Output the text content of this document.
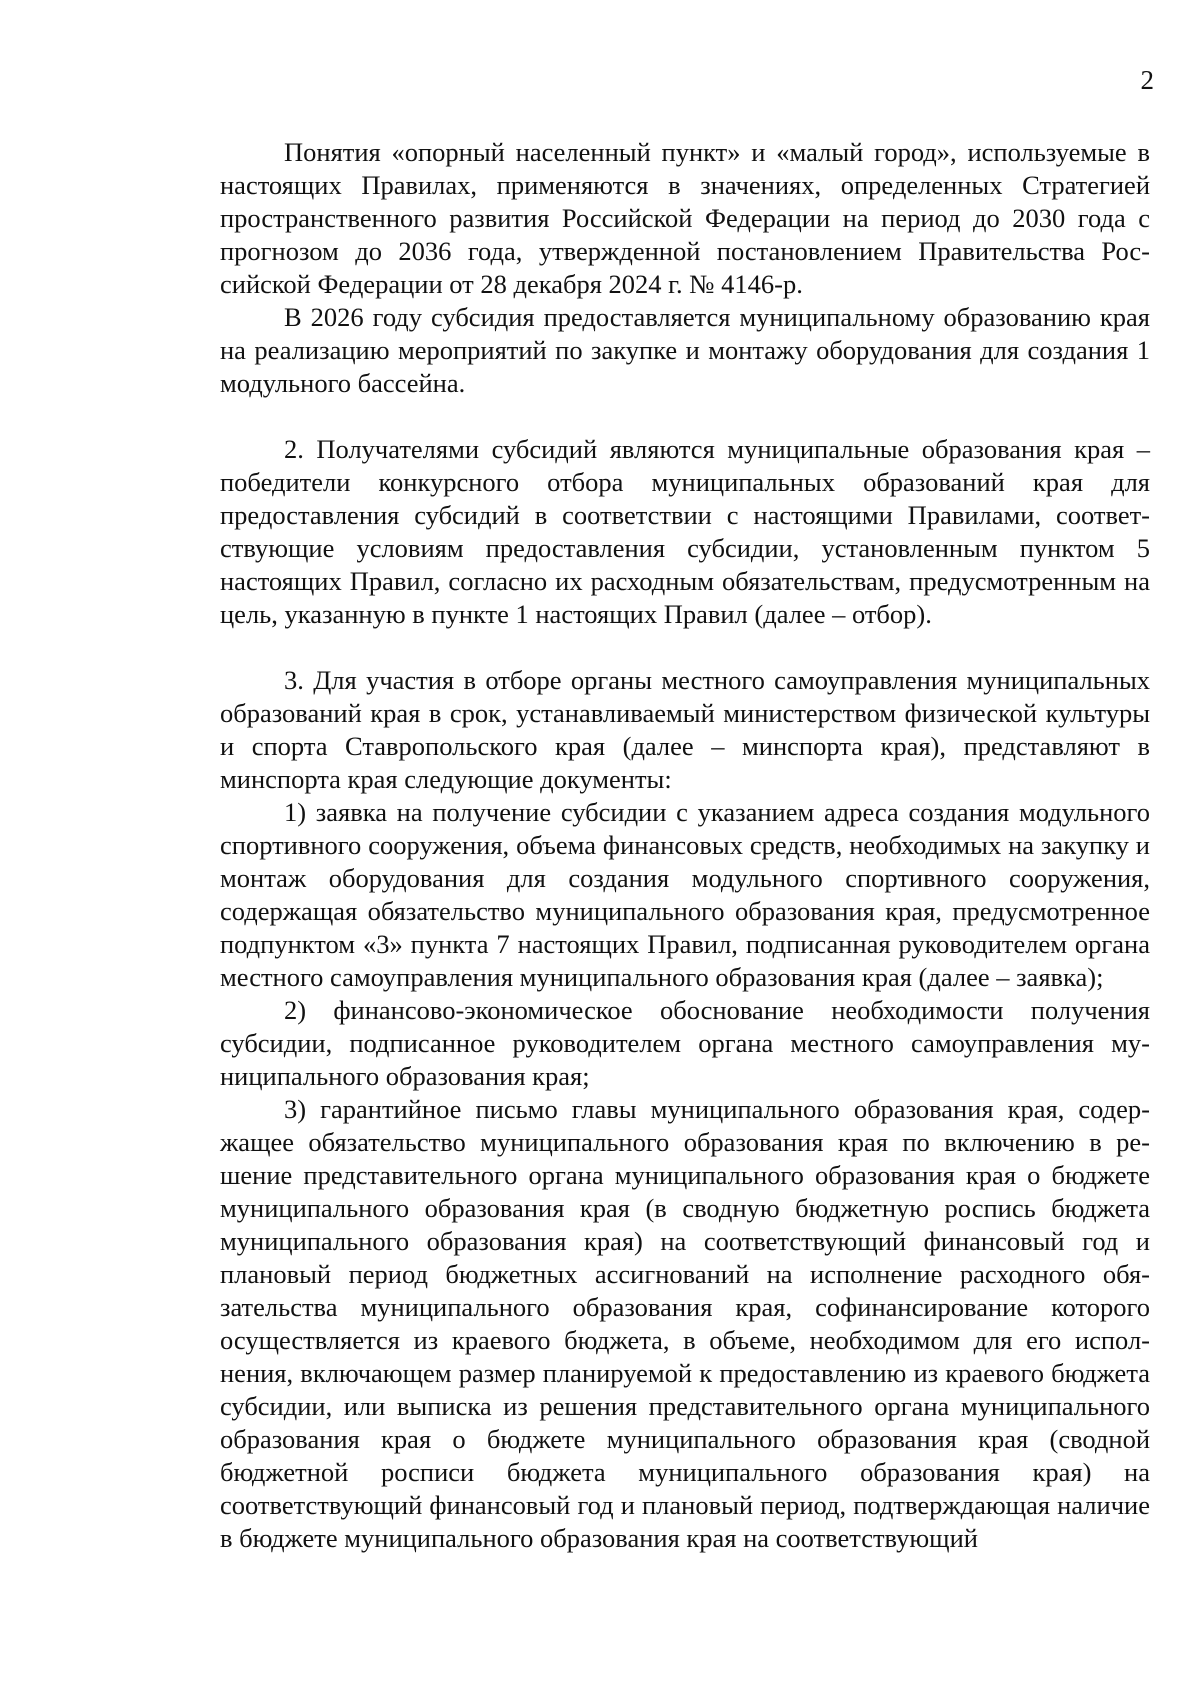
2

Понятия «опорный населенный пункт» и «малый город», используемые в настоящих Правилах, применяются в значениях, определенных Стратегией пространственного развития Российской Федерации на период до 2030 года с прогнозом до 2036 года, утвержденной постановлением Правительства Российской Федерации от 28 декабря 2024 г. № 4146-р.

В 2026 году субсидия предоставляется муниципальному образованию края на реализацию мероприятий по закупке и монтажу оборудования для создания 1 модульного бассейна.

2. Получателями субсидий являются муниципальные образования края – победители конкурсного отбора муниципальных образований края для предоставления субсидий в соответствии с настоящими Правилами, соответствующие условиям предоставления субсидии, установленным пунктом 5 настоящих Правил, согласно их расходным обязательствам, предусмотренным на цель, указанную в пункте 1 настоящих Правил (далее – отбор).

3. Для участия в отборе органы местного самоуправления муниципальных образований края в срок, устанавливаемый министерством физической культуры и спорта Ставропольского края (далее – минспорта края), представляют в минспорта края следующие документы:

1) заявка на получение субсидии с указанием адреса создания модульного спортивного сооружения, объема финансовых средств, необходимых на закупку и монтаж оборудования для создания модульного спортивного сооружения, содержащая обязательство муниципального образования края, предусмотренное подпунктом «3» пункта 7 настоящих Правил, подписанная руководителем органа местного самоуправления муниципального образования края (далее – заявка);

2) финансово-экономическое обоснование необходимости получения субсидии, подписанное руководителем органа местного самоуправления муниципального образования края;

3) гарантийное письмо главы муниципального образования края, содержащее обязательство муниципального образования края по включению в решение представительного органа муниципального образования края о бюджете муниципального образования края (в сводную бюджетную роспись бюджета муниципального образования края) на соответствующий финансовый год и плановый период бюджетных ассигнований на исполнение расходного обязательства муниципального образования края, софинансирование которого осуществляется из краевого бюджета, в объеме, необходимом для его исполнения, включающем размер планируемой к предоставлению из краевого бюджета субсидии, или выписка из решения представительного органа муниципального образования края о бюджете муниципального образования края (сводной бюджетной росписи бюджета муниципального образования края) на соответствующий финансовый год и плановый период, подтверждающая наличие в бюджете муниципального образования края на соответствующий
